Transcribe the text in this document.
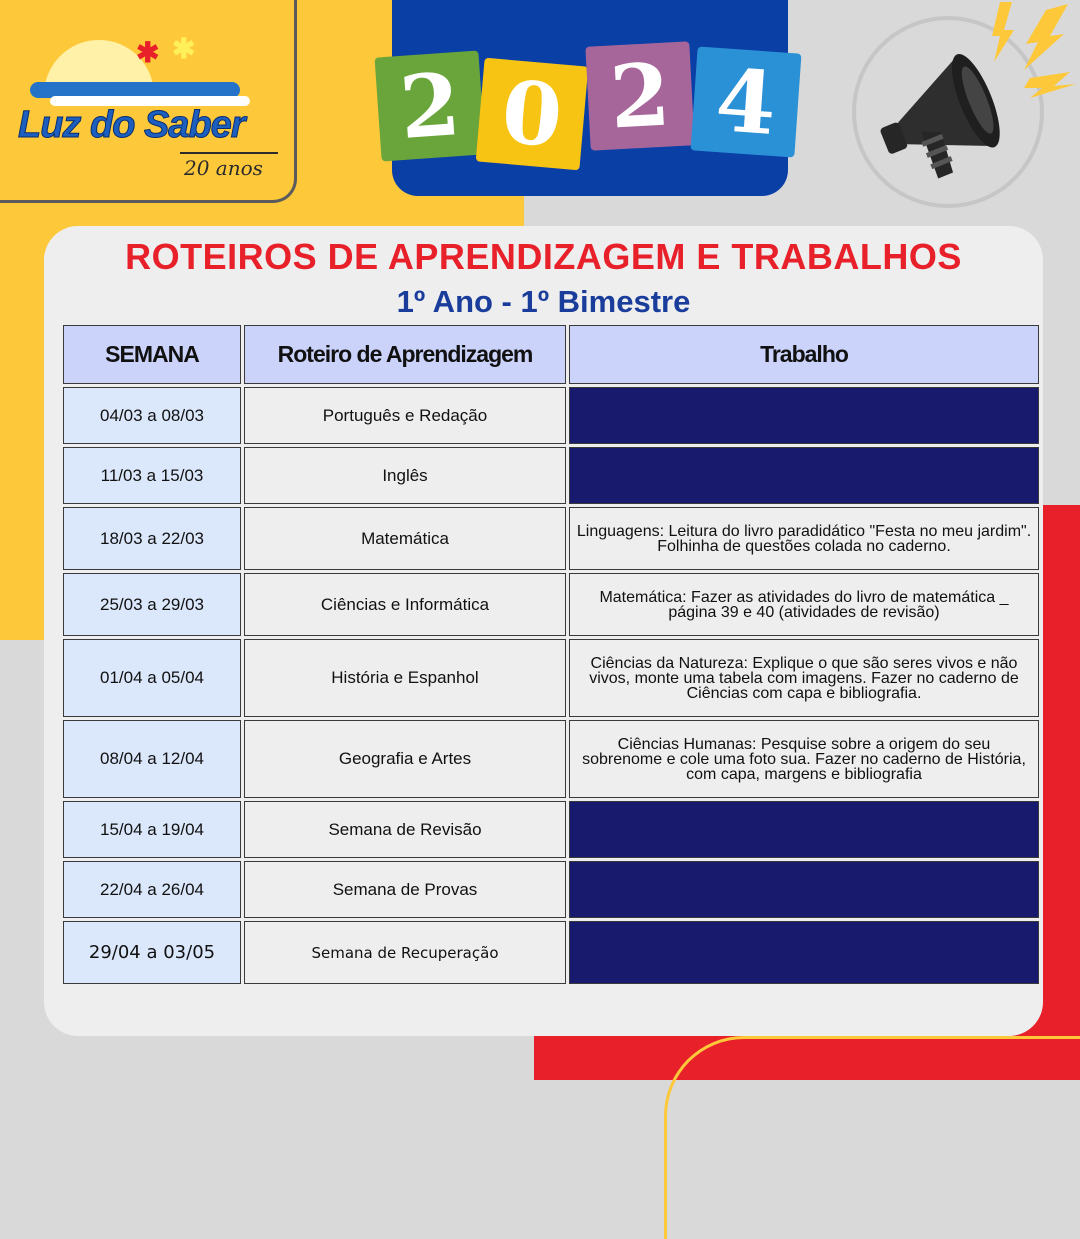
✱ ✱
Luz do Saber
20 anos
2 0 2 4
ROTEIROS DE APRENDIZAGEM E TRABALHOS
1º Ano - 1º Bimestre
SEMANA	Roteiro de Aprendizagem	Trabalho
04/03 a 08/03	Português e Redação	
11/03 a 15/03	Inglês	
18/03 a 22/03	Matemática	Linguagens: Leitura do livro paradidático "Festa no meu jardim". Folhinha de questões colada no caderno.
25/03 a 29/03	Ciências e Informática	Matemática: Fazer as atividades do livro de matemática _ página 39 e 40 (atividades de revisão)
01/04 a 05/04	História e Espanhol	Ciências da Natureza: Explique o que são seres vivos e não vivos, monte uma tabela com imagens. Fazer no caderno de Ciências com capa e bibliografia.
08/04 a 12/04	Geografia e Artes	Ciências Humanas: Pesquise sobre a origem do seu sobrenome e cole uma foto sua. Fazer no caderno de História, com capa, margens e bibliografia
15/04 a 19/04	Semana de Revisão	
22/04 a 26/04	Semana de Provas	
29/04 a 03/05	Semana de Recuperação	
